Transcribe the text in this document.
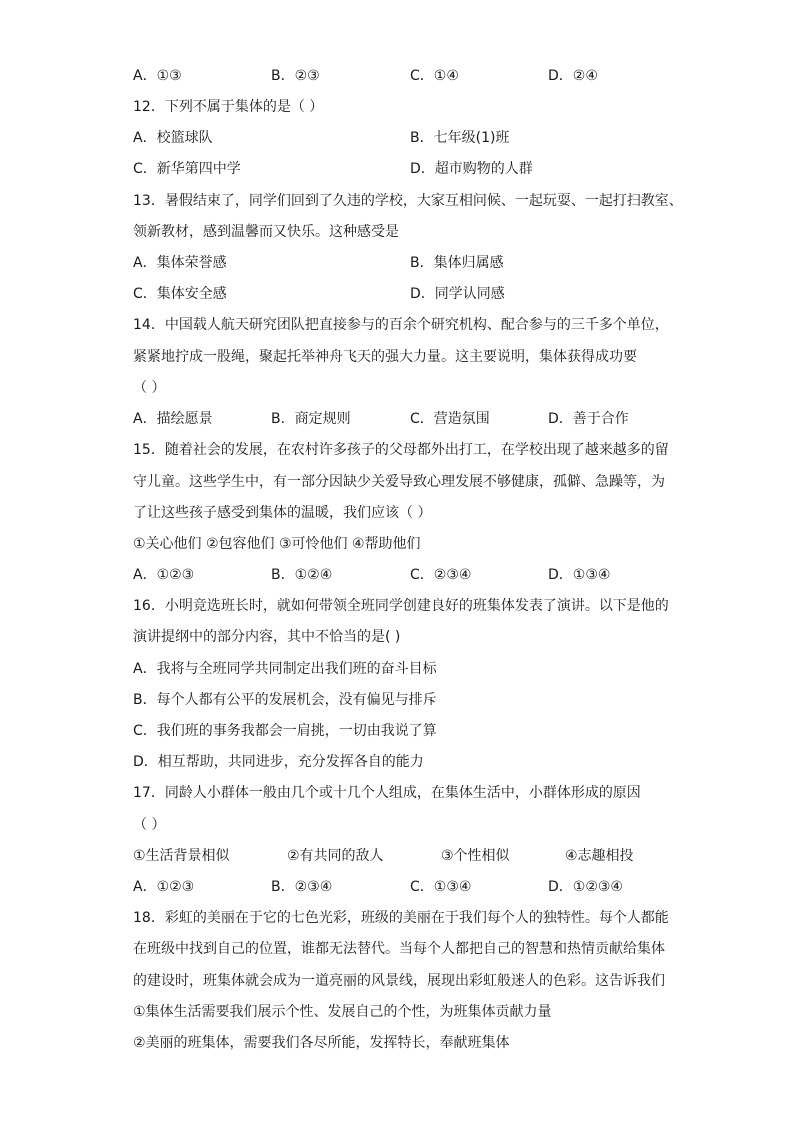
A．①③	B．②③	C．①④	D．②④
12．下列不属于集体的是（ ）
A．校篮球队	B．七年级(1)班
C．新华第四中学	D．超市购物的人群
13．暑假结束了，同学们回到了久违的学校，大家互相问候、一起玩耍、一起打扫教室、
领新教材，感到温馨而又快乐。这种感受是
A．集体荣誉感	B．集体归属感
C．集体安全感	D．同学认同感
14．中国载人航天研究团队把直接参与的百余个研究机构、配合参与的三千多个单位，
紧紧地拧成一股绳，聚起托举神舟飞天的强大力量。这主要说明，集体获得成功要
（ ）
A．描绘愿景	B．商定规则	C．营造氛围	D．善于合作
15．随着社会的发展，在农村许多孩子的父母都外出打工，在学校出现了越来越多的留
守儿童。这些学生中，有一部分因缺少关爱导致心理发展不够健康，孤僻、急躁等，为
了让这些孩子感受到集体的温暖，我们应该（ ）
①关心他们 ②包容他们 ③可怜他们 ④帮助他们
A．①②③	B．①②④	C．②③④	D．①③④
16．小明竞选班长时，就如何带领全班同学创建良好的班集体发表了演讲。以下是他的
演讲提纲中的部分内容，其中不恰当的是( )
A．我将与全班同学共同制定出我们班的奋斗目标
B．每个人都有公平的发展机会，没有偏见与排斥
C．我们班的事务我都会一肩挑，一切由我说了算
D．相互帮助，共同进步，充分发挥各自的能力
17．同龄人小群体一般由几个或十几个人组成，在集体生活中，小群体形成的原因
（ ）
①生活背景相似	②有共同的敌人	③个性相似	④志趣相投
A．①②③	B．②③④	C．①③④	D．①②③④
18．彩虹的美丽在于它的七色光彩，班级的美丽在于我们每个人的独特性。每个人都能
在班级中找到自己的位置，谁都无法替代。当每个人都把自己的智慧和热情贡献给集体
的建设时，班集体就会成为一道亮丽的风景线，展现出彩虹般迷人的色彩。这告诉我们
①集体生活需要我们展示个性、发展自己的个性，为班集体贡献力量
②美丽的班集体，需要我们各尽所能，发挥特长，奉献班集体
